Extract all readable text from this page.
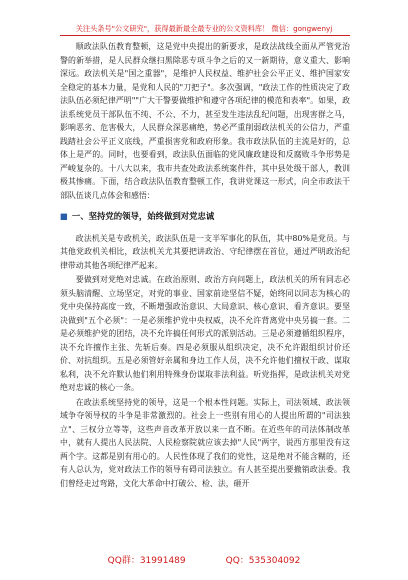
关注头条号"公文研究"，获得最新最全最专业的公文资料库！ 微信：gongwenyj

顺政法队伍教育整顿，这是党中央提出的新要求，是政法战线全面从严管党治警的新举措，是人民群众继扫黑除恶专项斗争之后的又一新期待，意义重大、影响深远。政法机关是"国之重器"，是维护人民权益、维护社会公平正义、维护国家安全稳定的基本力量，是党和人民的"刀把子"。多次强调，"政法工作的性质决定了政法队伍必须纪律严明""广大干警要做维护和遵守各项纪律的模范和表率"。如果，政法系统党员干部队伍不纯、不公、不力，甚至发生违法乱纪问题，出现害群之马，影响恶劣、危害极大，人民群众深恶痛绝，势必严重削弱政法机关的公信力，严重践踏社会公平正义底线，严重损害党和政府形象。我市政法队伍的主流是好的，总体上是严的。同时，也要看到，政法队伍面临的党风廉政建设和反腐败斗争形势是严峻复杂的。十八大以来，我市共查处政法系统案件件，其中县处级干部人，教训极其惨痛。下面，结合政法队伍教育整顿工作，我讲党课这一形式，向全市政法干部队伍谈几点体会和感悟：

■ 一、坚持党的领导，始终做到对党忠诚

政法机关是专政机关，政法队伍是一支半军事化的队伍，其中80%是党员。与其他党政机关相比，政法机关尤其要把讲政治、守纪律摆在首位，通过严明政治纪律带动其他各项纪律严起来。

要做到对党绝对忠诚。在政治原则、政治方向问题上，政法机关的所有同志必须头脑清醒、立场坚定，对党的事业、国家前途坚信不疑，始终同以同志为核心的党中央保持高度一致，不断增强政治意识、大局意识、核心意识、看齐意识。要坚决做到"五个必须"：一是必须维护党中央权威，决不允许背离党中央另搞一套。二是必须维护党的团结，决不允许搞任何形式的派别活动。三是必须遵循组织程序，决不允许擅作主张、先斩后奏。四是必须服从组织决定，决不允许跟组织讨价还价、对抗组织。五是必须管好亲属和身边工作人员，决不允许他们擅权干政、谋取私利，决不允许默认他们利用特殊身份谋取非法利益。听党指挥，是政法机关对党绝对忠诚的核心一条。

在政法系统坚持党的领导，这是一个根本性问题。实际上，司法领域、政法领域争夺领导权的斗争是非常激烈的。社会上一些别有用心的人提出所谓的"司法独立"、三权分立等等，这些声音改革开放以来一直不断。在近些年的司法体制改革中，就有人提出人民法院、人民检察院就应该去掉"人民"两字，说西方那里没有这两个字。这都是别有用心的。人民性体现了我们的党性，这是绝对不能含糊的，还有人总认为，党对政法工作的领导有碍司法独立。有人甚至提出要撤销政法委。我们曾经走过弯路，文化大革命中打破公、检、法，砸开

QQ群：31991489	QQ：535304092
